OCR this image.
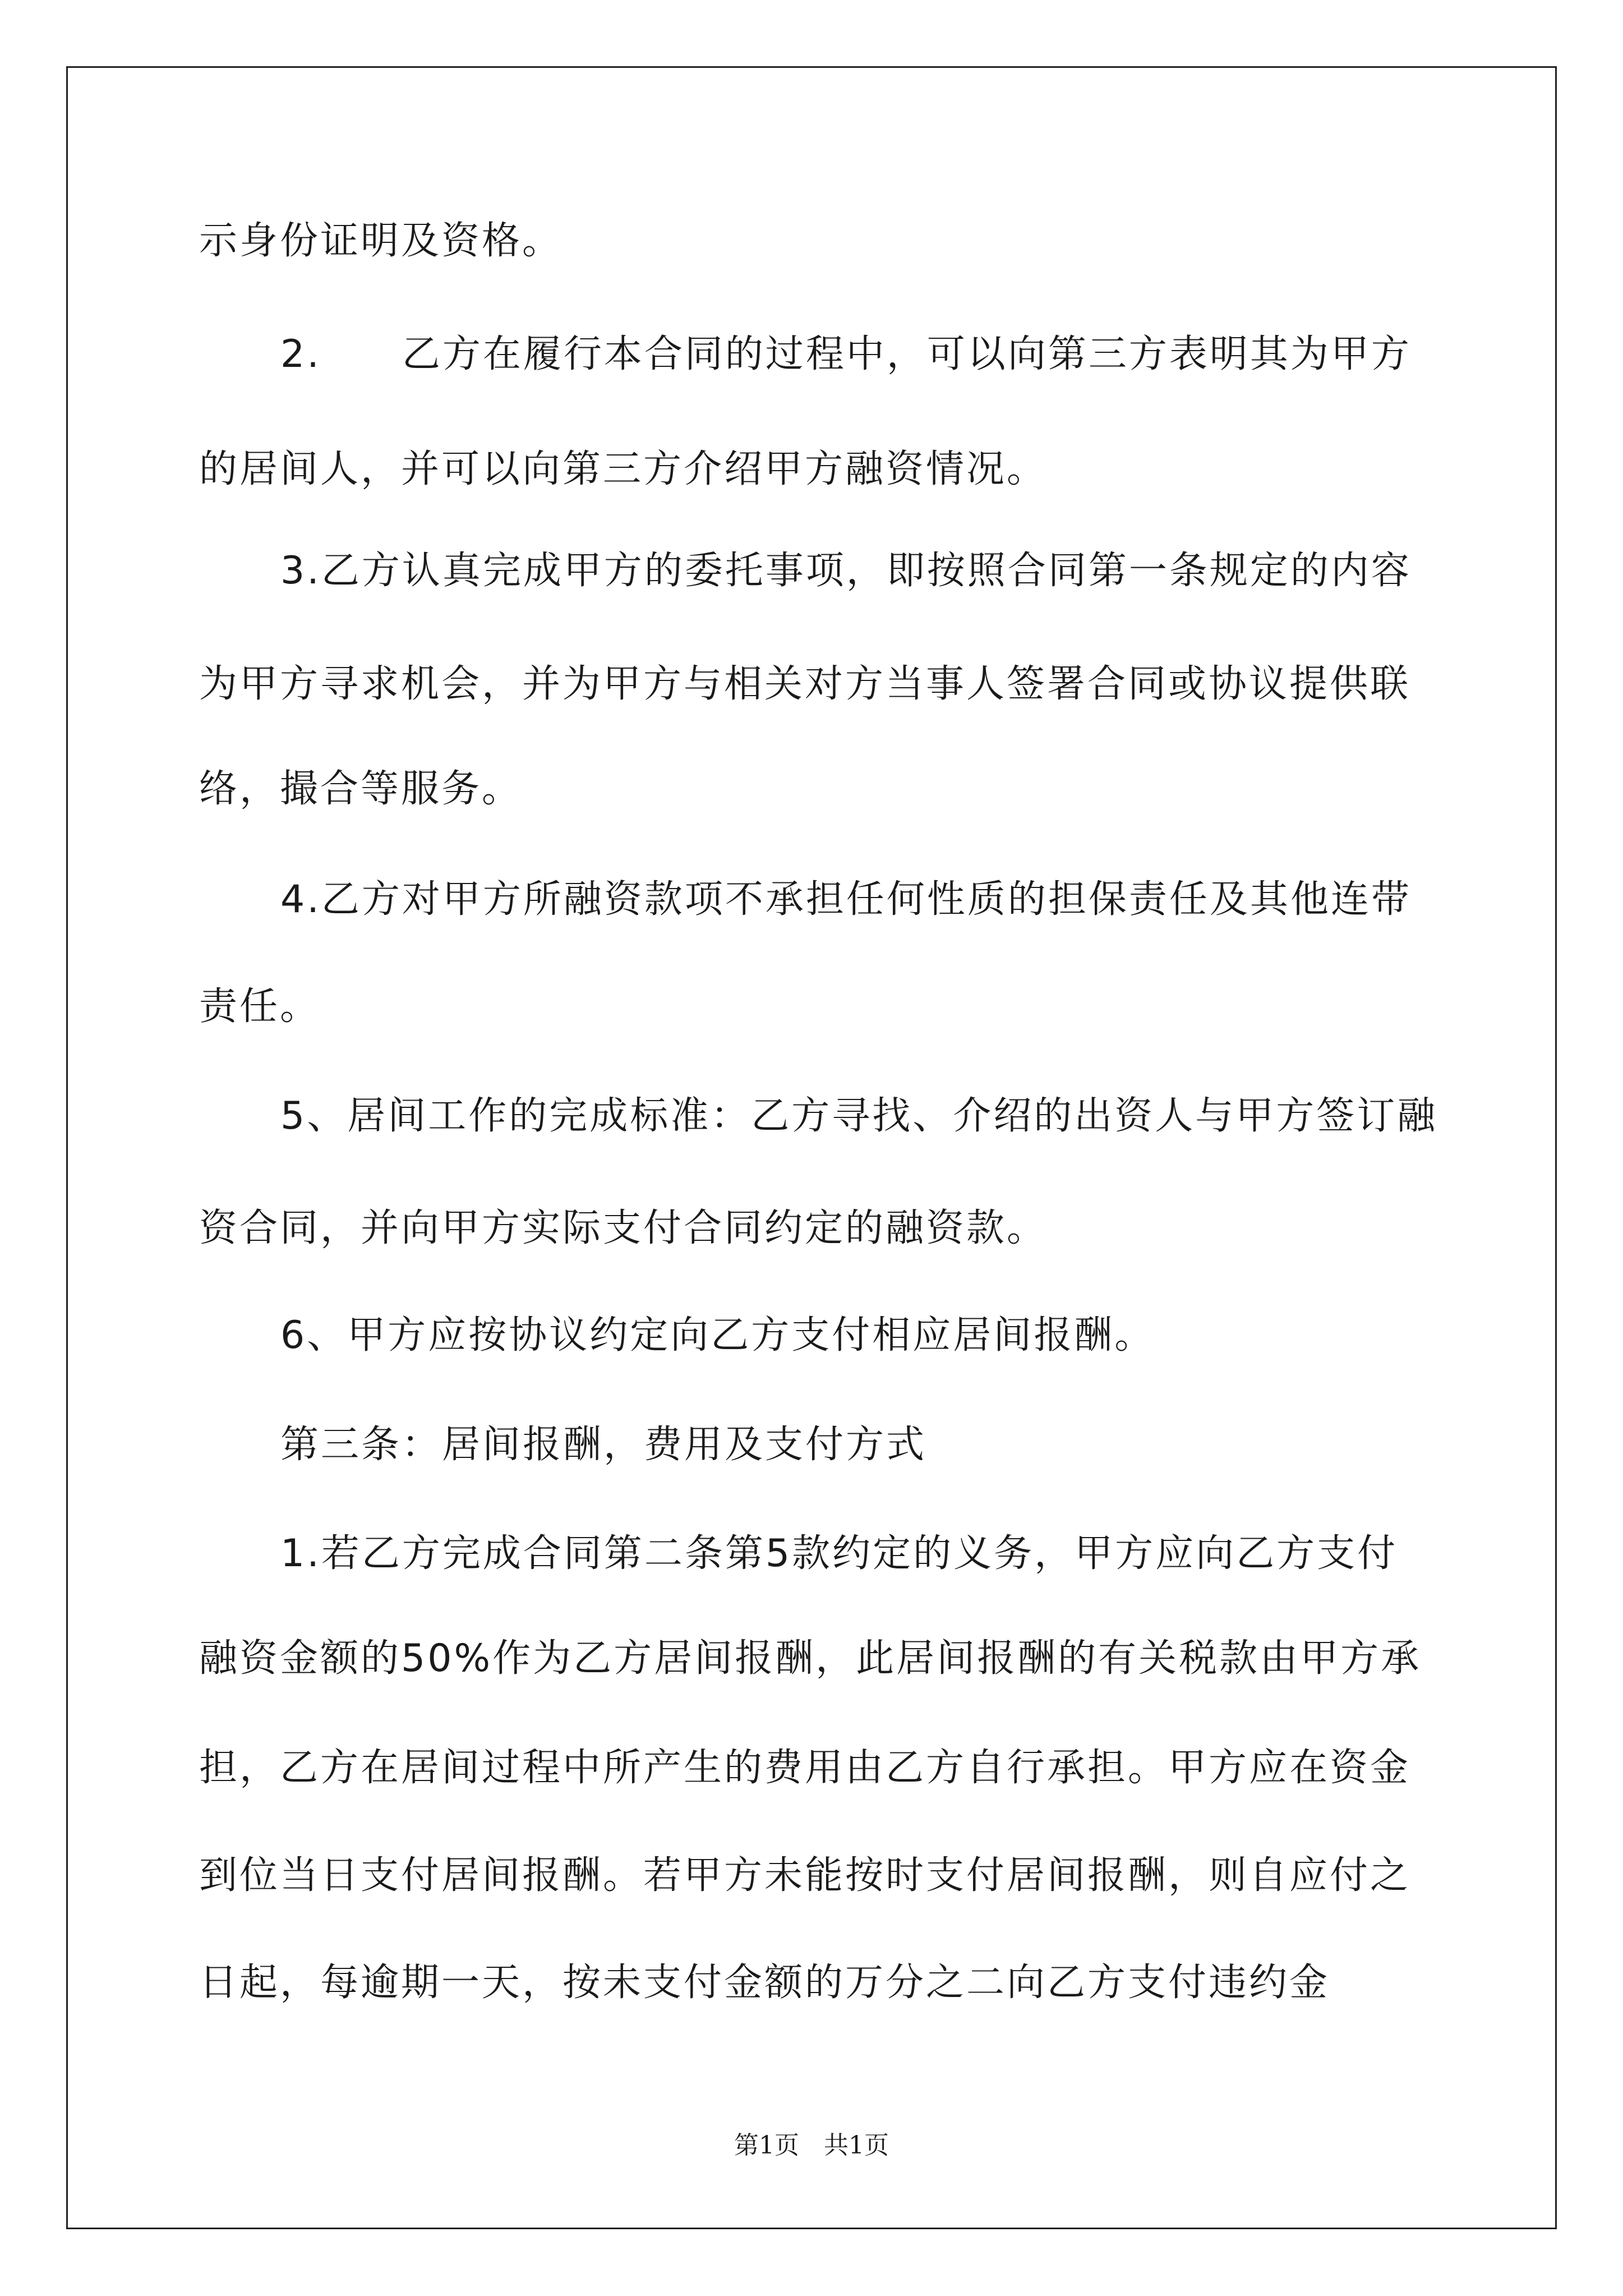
示身份证明及资格。
2.　　乙方在履行本合同的过程中，可以向第三方表明其为甲方
的居间人，并可以向第三方介绍甲方融资情况。
3.乙方认真完成甲方的委托事项，即按照合同第一条规定的内容
为甲方寻求机会，并为甲方与相关对方当事人签署合同或协议提供联
络，撮合等服务。
4.乙方对甲方所融资款项不承担任何性质的担保责任及其他连带
责任。
5、居间工作的完成标准：乙方寻找、介绍的出资人与甲方签订融
资合同，并向甲方实际支付合同约定的融资款。
6、甲方应按协议约定向乙方支付相应居间报酬。
第三条：居间报酬，费用及支付方式
1.若乙方完成合同第二条第5款约定的义务，甲方应向乙方支付
融资金额的50%作为乙方居间报酬，此居间报酬的有关税款由甲方承
担，乙方在居间过程中所产生的费用由乙方自行承担。甲方应在资金
到位当日支付居间报酬。若甲方未能按时支付居间报酬，则自应付之
日起，每逾期一天，按未支付金额的万分之二向乙方支付违约金
第1页　共1页
